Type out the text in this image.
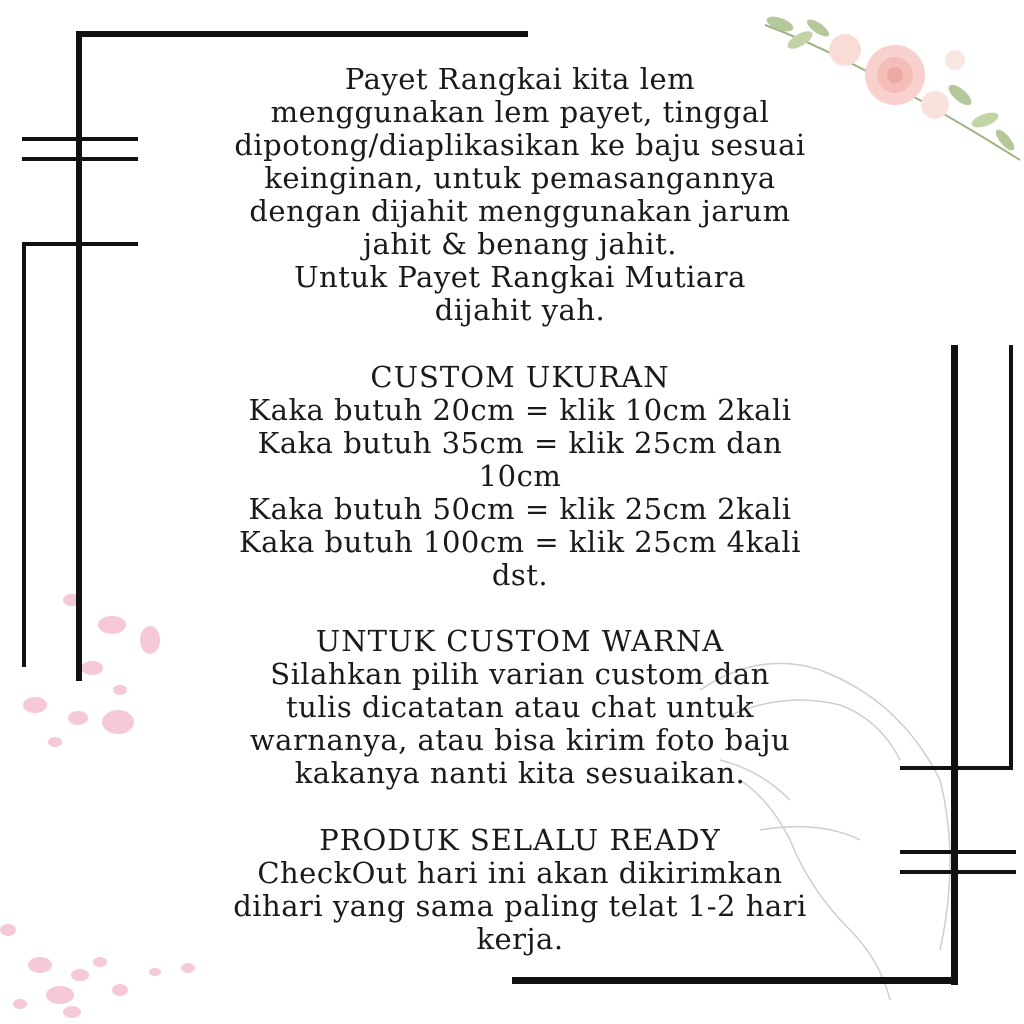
Payet Rangkai kita lem
menggunakan lem payet, tinggal
dipotong/diaplikasikan ke baju sesuai
keinginan, untuk pemasangannya
dengan dijahit menggunakan jarum
jahit & benang jahit.
Untuk Payet Rangkai Mutiara
dijahit yah.
CUSTOM UKURAN
Kaka butuh 20cm = klik 10cm 2kali
Kaka butuh 35cm = klik 25cm dan
10cm
Kaka butuh 50cm = klik 25cm 2kali
Kaka butuh 100cm = klik 25cm 4kali
dst.
UNTUK CUSTOM WARNA
Silahkan pilih varian custom dan
tulis dicatatan atau chat untuk
warnanya, atau bisa kirim foto baju
kakanya nanti kita sesuaikan.
PRODUK SELALU READY
CheckOut hari ini akan dikirimkan
dihari yang sama paling telat 1-2 hari
kerja.
